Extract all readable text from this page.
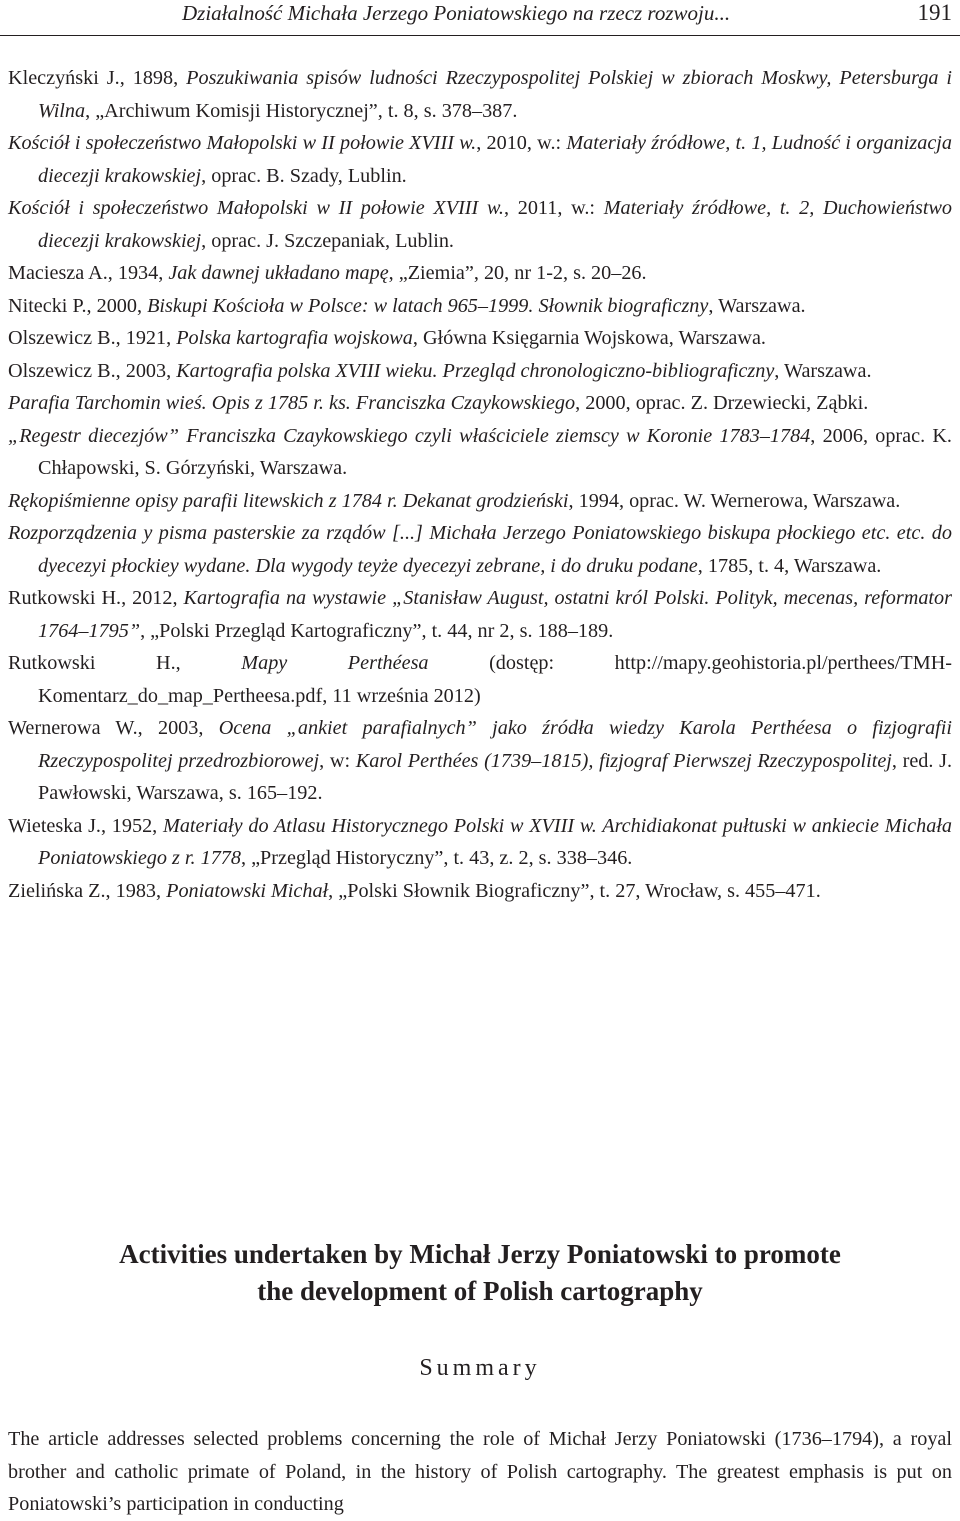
Działalność Michała Jerzego Poniatowskiego na rzecz rozwoju...	191
Kleczyński J., 1898, Poszukiwania spisów ludności Rzeczypospolitej Polskiej w zbiorach Moskwy, Petersburga i Wilna, „Archiwum Komisji Historycznej”, t. 8, s. 378–387.
Kościół i społeczeństwo Małopolski w II połowie XVIII w., 2010, w.: Materiały źródłowe, t. 1, Ludność i organizacja diecezji krakowskiej, oprac. B. Szady, Lublin.
Kościół i społeczeństwo Małopolski w II połowie XVIII w., 2011, w.: Materiały źródłowe, t. 2, Duchowieństwo diecezji krakowskiej, oprac. J. Szczepaniak, Lublin.
Maciesza A., 1934, Jak dawnej układano mapę, „Ziemia”, 20, nr 1-2, s. 20–26.
Nitecki P., 2000, Biskupi Kościoła w Polsce: w latach 965–1999. Słownik biograficzny, Warszawa.
Olszewicz B., 1921, Polska kartografia wojskowa, Główna Księgarnia Wojskowa, Warszawa.
Olszewicz B., 2003, Kartografia polska XVIII wieku. Przegląd chronologiczno-bibliograficzny, Warszawa.
Parafia Tarchomin wieś. Opis z 1785 r. ks. Franciszka Czaykowskiego, 2000, oprac. Z. Drzewiecki, Ząbki.
„Regestr diecezjów” Franciszka Czaykowskiego czyli właściciele ziemscy w Koronie 1783–1784, 2006, oprac. K. Chłapowski, S. Górzyński, Warszawa.
Rękopiśmienne opisy parafii litewskich z 1784 r. Dekanat grodzieński, 1994, oprac. W. Wernerowa, Warszawa.
Rozporządzenia y pisma pasterskie za rządów [...] Michała Jerzego Poniatowskiego biskupa płockiego etc. etc. do dyecezyi płockiey wydane. Dla wygody teyże dyecezyi zebrane, i do druku podane, 1785, t. 4, Warszawa.
Rutkowski H., 2012, Kartografia na wystawie „Stanisław August, ostatni król Polski. Polityk, mecenas, reformator 1764–1795”, „Polski Przegląd Kartograficzny”, t. 44, nr 2, s. 188–189.
Rutkowski H., Mapy Perthéesa (dostęp: http://mapy.geohistoria.pl/perthees/TMH-Komentarz_do_map_Pertheesa.pdf, 11 września 2012)
Wernerowa W., 2003, Ocena „ankiet parafialnych” jako źródła wiedzy Karola Perthéesa o fizjografii Rzeczypospolitej przedrozbiorowej, w: Karol Perthées (1739–1815), fizjograf Pierwszej Rzeczypospolitej, red. J. Pawłowski, Warszawa, s. 165–192.
Wieteska J., 1952, Materiały do Atlasu Historycznego Polski w XVIII w. Archidiakonat pułtuski w ankiecie Michała Poniatowskiego z r. 1778, „Przegląd Historyczny”, t. 43, z. 2, s. 338–346.
Zielińska Z., 1983, Poniatowski Michał, „Polski Słownik Biograficzny”, t. 27, Wrocław, s. 455–471.
Activities undertaken by Michał Jerzy Poniatowski to promote
the development of Polish cartography
Summary

The article addresses selected problems concerning the role of Michał Jerzy Poniatowski (1736–1794), a royal brother and catholic primate of Poland, in the history of Polish cartography. The greatest emphasis is put on Poniatowski’s participation in conducting
